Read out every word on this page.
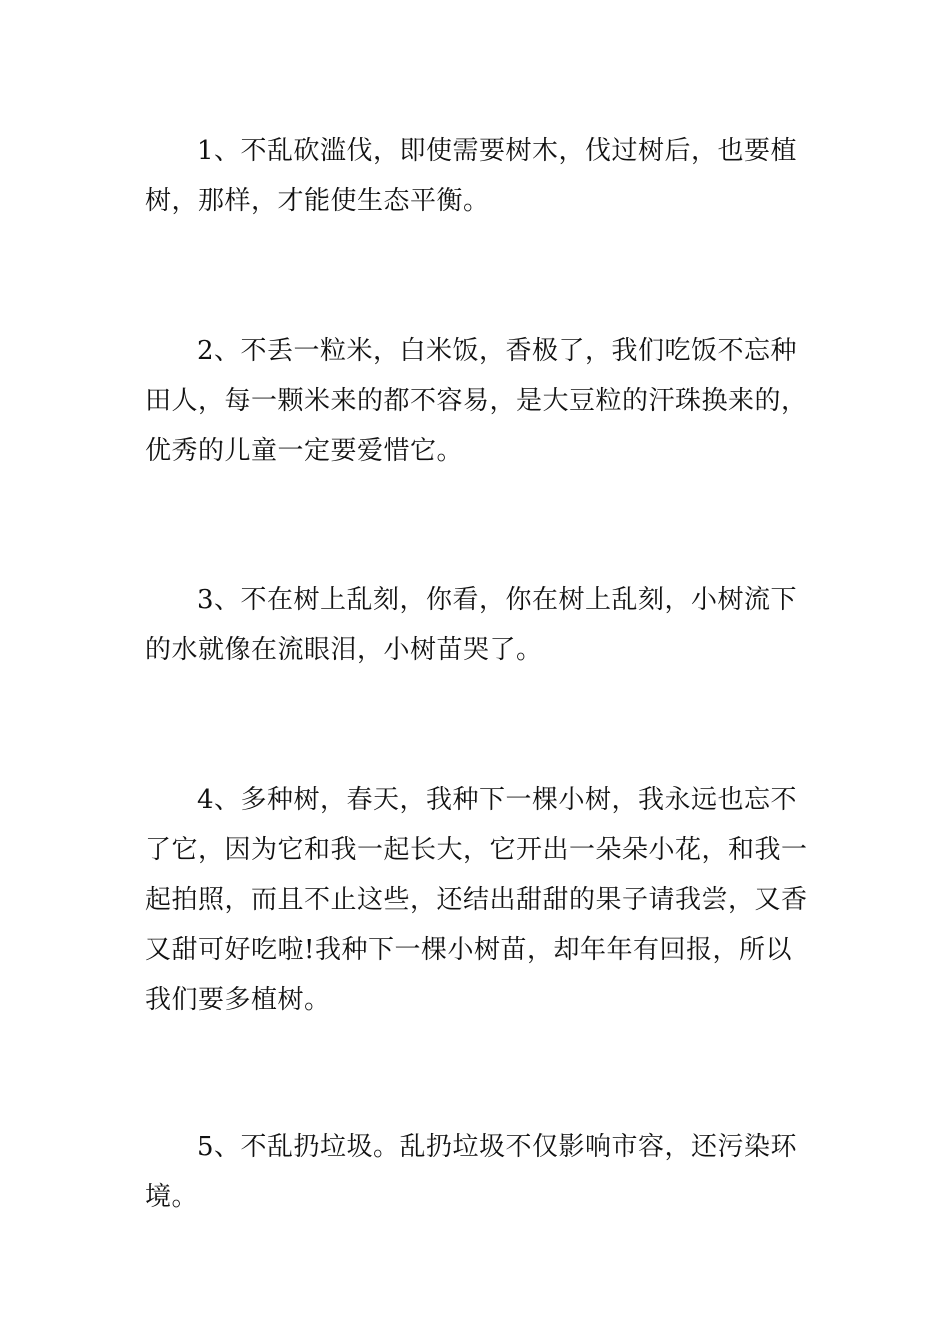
1、不乱砍滥伐，即使需要树木，伐过树后，也要植树，那样，才能使生态平衡。

2、不丢一粒米，白米饭，香极了，我们吃饭不忘种田人，每一颗米来的都不容易，是大豆粒的汗珠换来的，优秀的儿童一定要爱惜它。

3、不在树上乱刻，你看，你在树上乱刻，小树流下的水就像在流眼泪，小树苗哭了。

4、多种树，春天，我种下一棵小树，我永远也忘不了它，因为它和我一起长大，它开出一朵朵小花，和我一起拍照，而且不止这些，还结出甜甜的果子请我尝，又香又甜可好吃啦!我种下一棵小树苗，却年年有回报，所以我们要多植树。

5、不乱扔垃圾。乱扔垃圾不仅影响市容，还污染环境。
